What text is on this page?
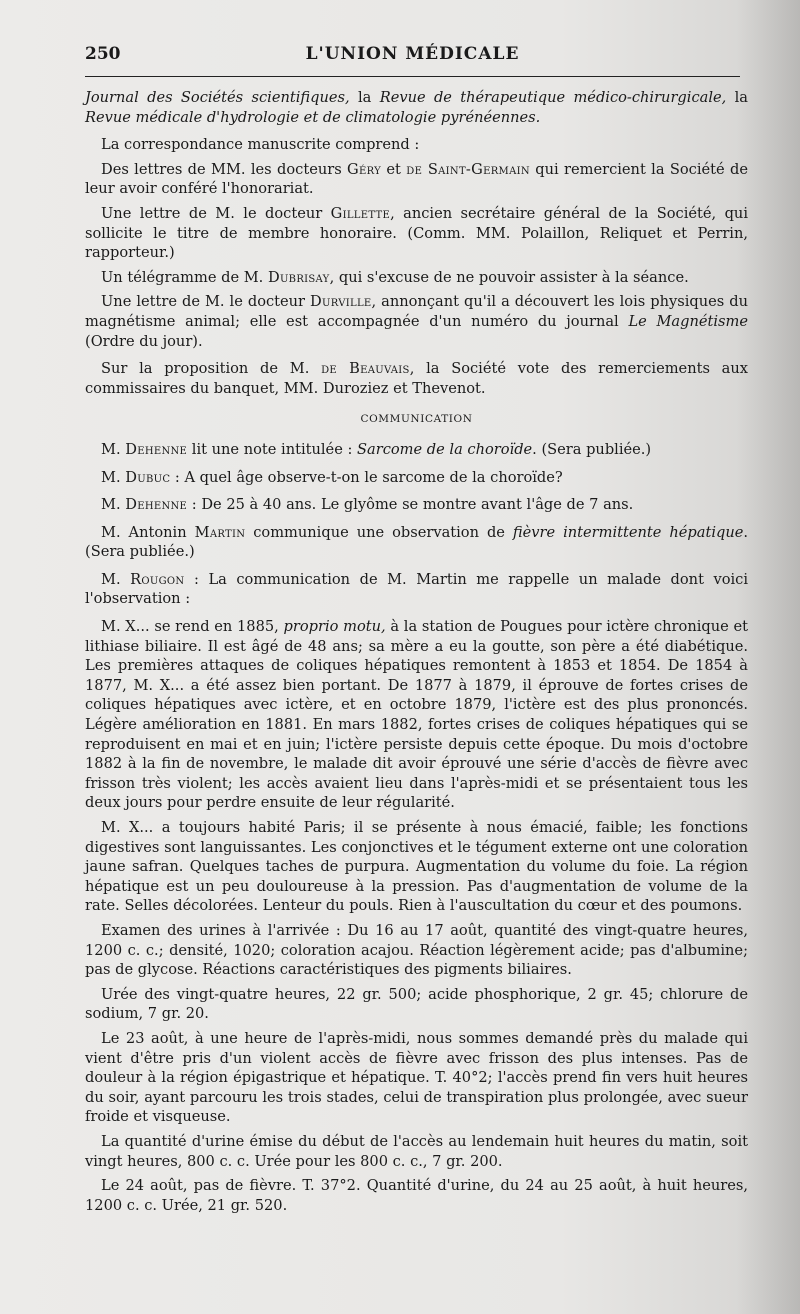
250	L'UNION MÉDICALE

Journal des Sociétés scientifiques, la Revue de thérapeutique médico-chirurgicale, la Revue médicale d'hydrologie et de climatologie pyrénéennes.

La correspondance manuscrite comprend :

Des lettres de MM. les docteurs Géry et de Saint-Germain qui remercient la Société de leur avoir conféré l'honorariat.

Une lettre de M. le docteur Gillette, ancien secrétaire général de la Société, qui sollicite le titre de membre honoraire. (Comm. MM. Polaillon, Reliquet et Perrin, rapporteur.)

Un télégramme de M. Dubrisay, qui s'excuse de ne pouvoir assister à la séance.

Une lettre de M. le docteur Durville, annonçant qu'il a découvert les lois physiques du magnétisme animal; elle est accompagnée d'un numéro du journal Le Magnétisme (Ordre du jour).

Sur la proposition de M. de Beauvais, la Société vote des remerciements aux commissaires du banquet, MM. Duroziez et Thevenot.

COMMUNICATION

M. Dehenne lit une note intitulée : Sarcome de la choroïde. (Sera publiée.)

M. Dubuc : A quel âge observe-t-on le sarcome de la choroïde?

M. Dehenne : De 25 à 40 ans. Le glyôme se montre avant l'âge de 7 ans.

M. Antonin Martin communique une observation de fièvre intermittente hépatique. (Sera publiée.)

M. Rougon : La communication de M. Martin me rappelle un malade dont voici l'observation :

M. X... se rend en 1885, proprio motu, à la station de Pougues pour ictère chronique et lithiase biliaire. Il est âgé de 48 ans; sa mère a eu la goutte, son père a été diabétique. Les premières attaques de coliques hépatiques remontent à 1853 et 1854. De 1854 à 1877, M. X... a été assez bien portant. De 1877 à 1879, il éprouve de fortes crises de coliques hépatiques avec ictère, et en octobre 1879, l'ictère est des plus prononcés. Légère amélioration en 1881. En mars 1882, fortes crises de coliques hépatiques qui se reproduisent en mai et en juin; l'ictère persiste depuis cette époque. Du mois d'octobre 1882 à la fin de novembre, le malade dit avoir éprouvé une série d'accès de fièvre avec frisson très violent; les accès avaient lieu dans l'après-midi et se présentaient tous les deux jours pour perdre ensuite de leur régularité.

M. X... a toujours habité Paris; il se présente à nous émacié, faible; les fonctions digestives sont languissantes. Les conjonctives et le tégument externe ont une coloration jaune safran. Quelques taches de purpura. Augmentation du volume du foie. La région hépatique est un peu douloureuse à la pression. Pas d'augmentation de volume de la rate. Selles décolorées. Lenteur du pouls. Rien à l'auscultation du cœur et des poumons.

Examen des urines à l'arrivée : Du 16 au 17 août, quantité des vingt-quatre heures, 1200 c. c.; densité, 1020; coloration acajou. Réaction légèrement acide; pas d'albumine; pas de glycose. Réactions caractéristiques des pigments biliaires.

Urée des vingt-quatre heures, 22 gr. 500; acide phosphorique, 2 gr. 45; chlorure de sodium, 7 gr. 20.

Le 23 août, à une heure de l'après-midi, nous sommes demandé près du malade qui vient d'être pris d'un violent accès de fièvre avec frisson des plus intenses. Pas de douleur à la région épigastrique et hépatique. T. 40°2; l'accès prend fin vers huit heures du soir, ayant parcouru les trois stades, celui de transpiration plus prolongée, avec sueur froide et visqueuse.

La quantité d'urine émise du début de l'accès au lendemain huit heures du matin, soit vingt heures, 800 c. c. Urée pour les 800 c. c., 7 gr. 200.

Le 24 août, pas de fièvre. T. 37°2. Quantité d'urine, du 24 au 25 août, à huit heures, 1200 c. c. Urée, 21 gr. 520.
